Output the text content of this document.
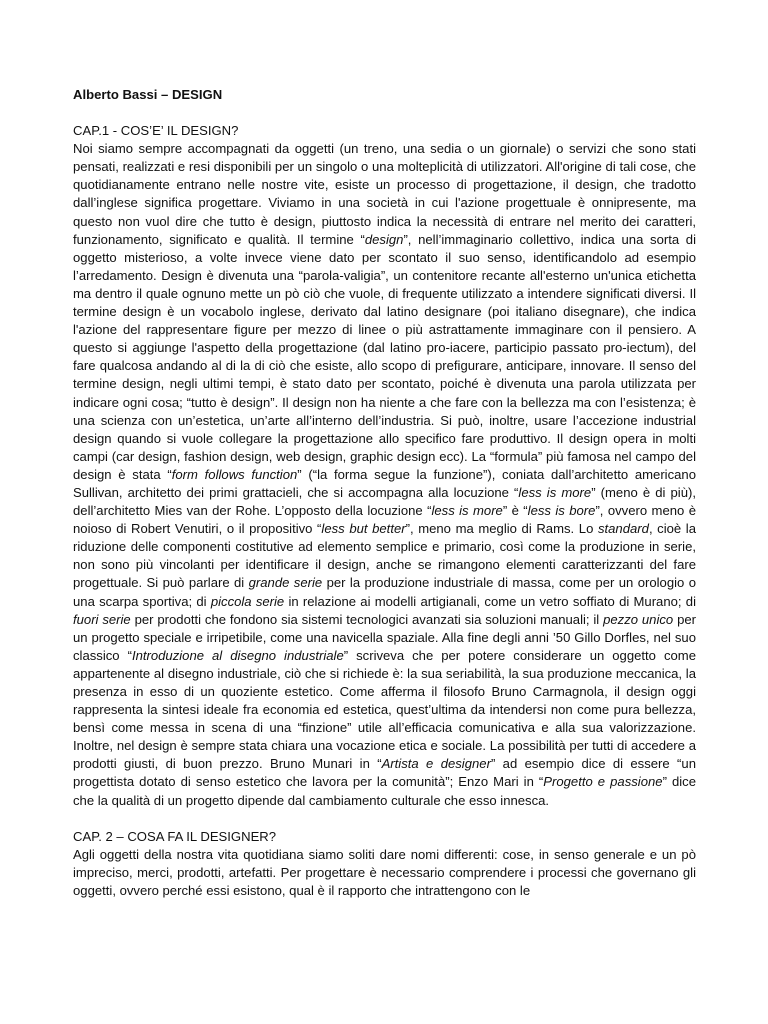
Alberto Bassi – DESIGN

CAP.1 - COS’E’ IL DESIGN?

Noi siamo sempre accompagnati da oggetti (un treno, una sedia o un giornale) o servizi che sono stati pensati, realizzati e resi disponibili per un singolo o una molteplicità di utilizzatori. All'origine di tali cose, che quotidianamente entrano nelle nostre vite, esiste un processo di progettazione, il design, che tradotto dall’inglese significa progettare. Viviamo in una società in cui l'azione progettuale è onnipresente, ma questo non vuol dire che tutto è design, piuttosto indica la necessità di entrare nel merito dei caratteri, funzionamento, significato e qualità. Il termine “design”, nell’immaginario collettivo, indica una sorta di oggetto misterioso, a volte invece viene dato per scontato il suo senso, identificandolo ad esempio l’arredamento. Design è divenuta una “parola-valigia”, un contenitore recante all'esterno un'unica etichetta ma dentro il quale ognuno mette un pò ciò che vuole, di frequente utilizzato a intendere significati diversi. Il termine design è un vocabolo inglese, derivato dal latino designare (poi italiano disegnare), che indica l'azione del rappresentare figure per mezzo di linee o più astrattamente immaginare con il pensiero. A questo si aggiunge l'aspetto della progettazione (dal latino pro-iacere, participio passato pro-iectum), del fare qualcosa andando al di la di ciò che esiste, allo scopo di prefigurare, anticipare, innovare. Il senso del termine design, negli ultimi tempi, è stato dato per scontato, poiché è divenuta una parola utilizzata per indicare ogni cosa; “tutto è design”. Il design non ha niente a che fare con la bellezza ma con l’esistenza; è una scienza con un’estetica, un’arte all’interno dell’industria. Si può, inoltre, usare l’accezione industrial design quando si vuole collegare la progettazione allo specifico fare produttivo. Il design opera in molti campi (car design, fashion design, web design, graphic design ecc). La “formula” più famosa nel campo del design è stata “form follows function” (“la forma segue la funzione”), coniata dall’architetto americano Sullivan, architetto dei primi grattacieli, che si accompagna alla locuzione “less is more” (meno è di più), dell’architetto Mies van der Rohe. L’opposto della locuzione “less is more” è “less is bore”, ovvero meno è noioso di Robert Venutiri, o il propositivo “less but better”, meno ma meglio di Rams. Lo standard, cioè la riduzione delle componenti costitutive ad elemento semplice e primario, così come la produzione in serie, non sono più vincolanti per identificare il design, anche se rimangono elementi caratterizzanti del fare progettuale. Si può parlare di grande serie per la produzione industriale di massa, come per un orologio o una scarpa sportiva; di piccola serie in relazione ai modelli artigianali, come un vetro soffiato di Murano; di fuori serie per prodotti che fondono sia sistemi tecnologici avanzati sia soluzioni manuali; il pezzo unico per un progetto speciale e irripetibile, come una navicella spaziale. Alla fine degli anni ’50 Gillo Dorfles, nel suo classico “Introduzione al disegno industriale” scriveva che per potere considerare un oggetto come appartenente al disegno industriale, ciò che si richiede è: la sua seriabilità, la sua produzione meccanica, la presenza in esso di un quoziente estetico. Come afferma il filosofo Bruno Carmagnola, il design oggi rappresenta la sintesi ideale fra economia ed estetica, quest’ultima da intendersi non come pura bellezza, bensì come messa in scena di una “finzione” utile all’efficacia comunicativa e alla sua valorizzazione. Inoltre, nel design è sempre stata chiara una vocazione etica e sociale. La possibilità per tutti di accedere a prodotti giusti, di buon prezzo. Bruno Munari in “Artista e designer” ad esempio dice di essere “un progettista dotato di senso estetico che lavora per la comunità”; Enzo Mari in “Progetto e passione” dice che la qualità di un progetto dipende dal cambiamento culturale che esso innesca.

CAP. 2 – COSA FA IL DESIGNER?

Agli oggetti della nostra vita quotidiana siamo soliti dare nomi differenti: cose, in senso generale e un pò impreciso, merci, prodotti, artefatti. Per progettare è necessario comprendere i processi che governano gli oggetti, ovvero perché essi esistono, qual è il rapporto che intrattengono con le
